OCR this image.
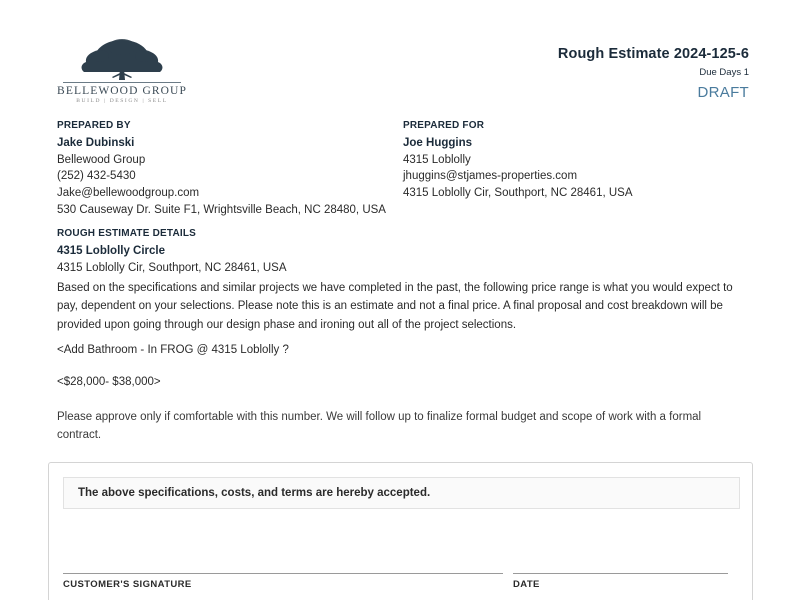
BELLEWOOD GROUP
BUILD | DESIGN | SELL
Rough Estimate 2024-125-6
Due Days 1
DRAFT
PREPARED BY
Jake Dubinski
Bellewood Group
(252) 432-5430
Jake@bellewoodgroup.com
530 Causeway Dr. Suite F1, Wrightsville Beach, NC 28480, USA
PREPARED FOR
Joe Huggins
4315 Loblolly
jhuggins@stjames-properties.com
4315 Loblolly Cir, Southport, NC 28461, USA
ROUGH ESTIMATE DETAILS
4315 Loblolly Circle
4315 Loblolly Cir, Southport, NC 28461, USA
Based on the specifications and similar projects we have completed in the past, the following price range is what you would expect to pay, dependent on your selections. Please note this is an estimate and not a final price. A final proposal and cost breakdown will be provided upon going through our design phase and ironing out all of the project selections.
<Add Bathroom - In FROG @ 4315 Loblolly ?
<$28,000- $38,000>
Please approve only if comfortable with this number. We will follow up to finalize formal budget and scope of work with a formal contract.
The above specifications, costs, and terms are hereby accepted.
CUSTOMER'S SIGNATURE	DATE
